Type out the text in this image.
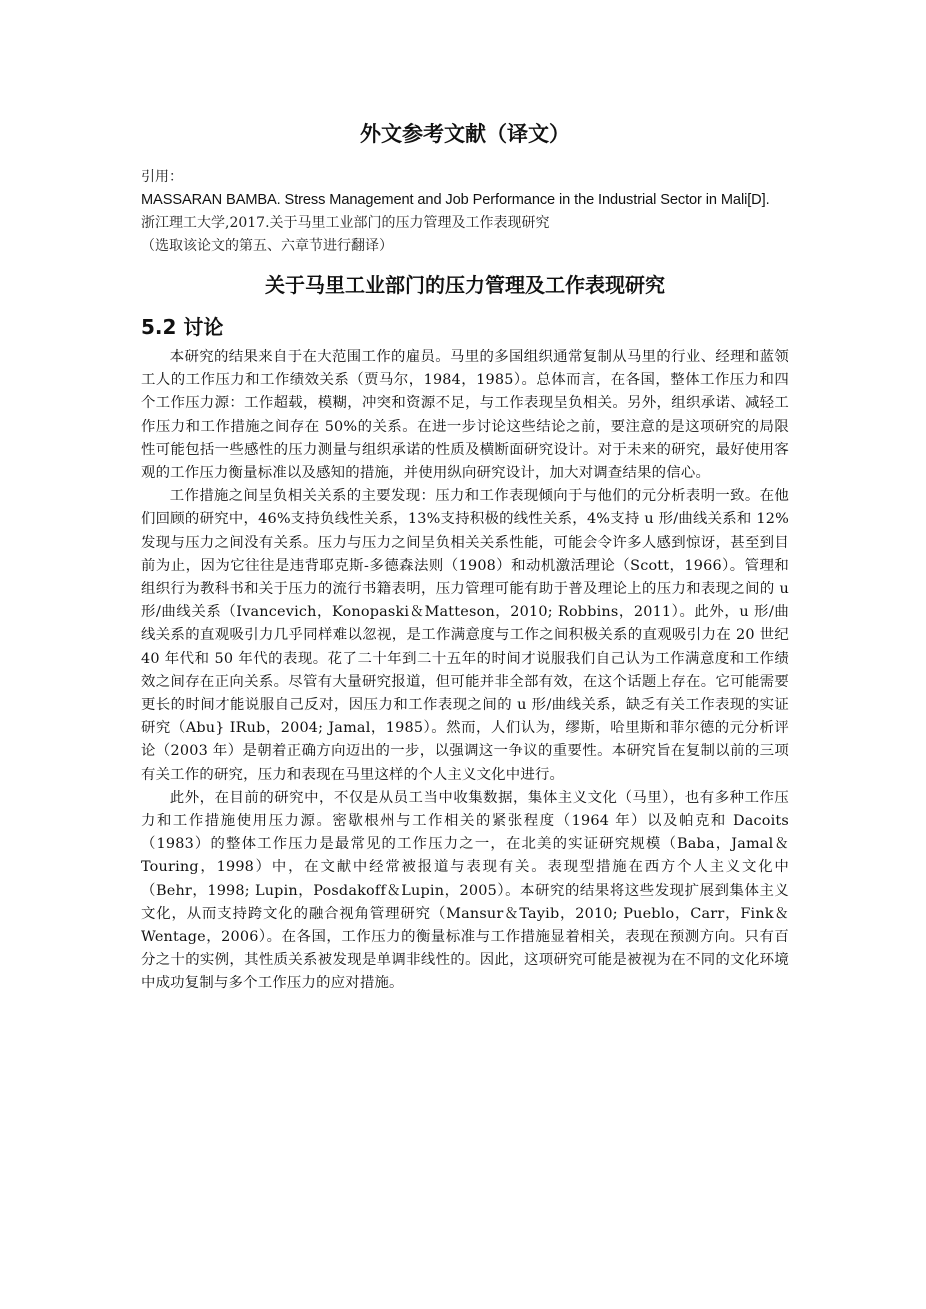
外文参考文献（译文）

引用：

MASSARAN BAMBA. Stress Management and Job Performance in the Industrial Sector in Mali[D].

浙江理工大学,2017.关于马里工业部门的压力管理及工作表现研究

（选取该论文的第五、六章节进行翻译）

关于马里工业部门的压力管理及工作表现研究
5.2 讨论

本研究的结果来自于在大范围工作的雇员。马里的多国组织通常复制从马里的行业、经理和蓝领工人的工作压力和工作绩效关系（贾马尔，1984，1985）。总体而言，在各国，整体工作压力和四个工作压力源：工作超载，模糊，冲突和资源不足，与工作表现呈负相关。另外，组织承诺、减轻工作压力和工作措施之间存在 50%的关系。在进一步讨论这些结论之前，要注意的是这项研究的局限性可能包括一些感性的压力测量与组织承诺的性质及横断面研究设计。对于未来的研究，最好使用客观的工作压力衡量标准以及感知的措施，并使用纵向研究设计，加大对调查结果的信心。

工作措施之间呈负相关关系的主要发现：压力和工作表现倾向于与他们的元分析表明一致。在他们回顾的研究中，46%支持负线性关系，13%支持积极的线性关系，4%支持 u 形/曲线关系和 12%发现与压力之间没有关系。压力与压力之间呈负相关关系性能，可能会令许多人感到惊讶，甚至到目前为止，因为它往往是违背耶克斯-多德森法则（1908）和动机激活理论（Scott，1966）。管理和组织行为教科书和关于压力的流行书籍表明，压力管理可能有助于普及理论上的压力和表现之间的 u 形/曲线关系（Ivancevich，Konopaski＆Matteson，2010; Robbins，2011）。此外，u 形/曲线关系的直观吸引力几乎同样难以忽视，是工作满意度与工作之间积极关系的直观吸引力在 20 世纪 40 年代和 50 年代的表现。花了二十年到二十五年的时间才说服我们自己认为工作满意度和工作绩效之间存在正向关系。尽管有大量研究报道，但可能并非全部有效，在这个话题上存在。它可能需要更长的时间才能说服自己反对，因压力和工作表现之间的 u 形/曲线关系，缺乏有关工作表现的实证研究（Abu} IRub，2004; Jamal，1985）。然而，人们认为，缪斯，哈里斯和菲尔德的元分析评论（2003 年）是朝着正确方向迈出的一步，以强调这一争议的重要性。本研究旨在复制以前的三项有关工作的研究，压力和表现在马里这样的个人主义文化中进行。

此外，在目前的研究中，不仅是从员工当中收集数据，集体主义文化（马里），也有多种工作压力和工作措施使用压力源。密歇根州与工作相关的紧张程度（1964 年）以及帕克和 Dacoits（1983）的整体工作压力是最常见的工作压力之一，在北美的实证研究规模（Baba，Jamal＆Touring，1998）中，在文献中经常被报道与表现有关。表现型措施在西方个人主义文化中（Behr，1998; Lupin，Posdakoff＆Lupin，2005）。本研究的结果将这些发现扩展到集体主义文化，从而支持跨文化的融合视角管理研究（Mansur＆Tayib，2010; Pueblo，Carr，Fink＆Wentage，2006）。在各国，工作压力的衡量标准与工作措施显着相关，表现在预测方向。只有百分之十的实例，其性质关系被发现是单调非线性的。因此，这项研究可能是被视为在不同的文化环境中成功复制与多个工作压力的应对措施。
